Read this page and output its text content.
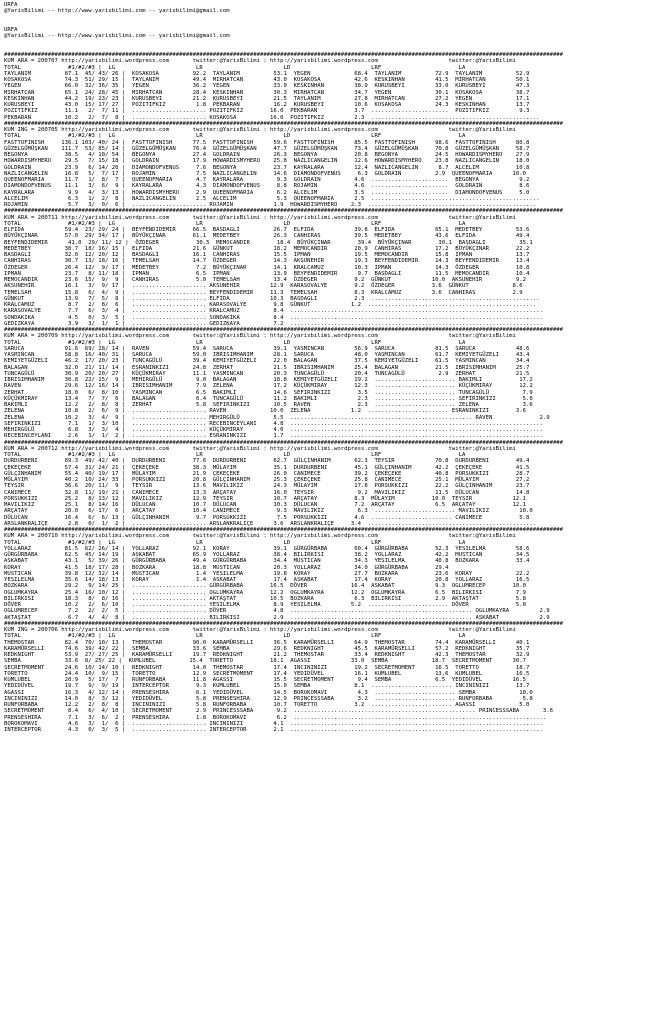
URFA
@YarisBilimi -- http://www.yarisbilimi.com -- yarisbilimi@gmail.com
URFA
@YarisBilimi -- http://www.yarisbilimi.com -- yarisbilimi@gmail.com
######################################################################################################################################################################
KUM ARA = 200707 http://yarisbilimi.wordpress.com       twitter:@YarisBilimi : http://yarisbilimi.wordpress.com                     twitter:@YarisBilimi
TOTAL              #1/#2/#3 |  LG                        LR                        LD                        LRF                       LA
TAYLANIM          87.1  45/ 43/ 26 |  KOSAKOSA          92.2  TAYLANIM          53.1  YEGEN             68.4  TAYLANIM          72.9  TAYLANIM          52.9
KOSAKOSA          74.3  51/ 29/ 15 |  TAYLANIM          49.4  MIRHATCAN         43.0  KOSAKOSA          42.6  KESKINHAN         41.5  MIRHATCAN         50.1
YEGEN             66.0  32/ 36/ 35 |  YEGEN             36.2  YEGEN             33.0  KESKINHAN         38.9  KURUSBEYI         33.0  KURUSBEYI         47.3
MIRHATCAN         65.1  24/ 28/ 45 |  MIRHATCAN         28.4  KESKINHAN         30.3  MIRHATCAN         34.7  YEGEN             30.1  KOSAKOSA          38.7
KESKINHAN         44.2  19/ 23/ 23 |  KURUSBEYI         21.2  KURUSBEYI         21.5  TAYLANIM          27.8  MIRHATCAN         27.2  YEGEN             17.1
KURUSBEYI         43.0  15/ 17/ 27 |  POZITIFKIZ         1.8  PEKBARAN          16.2  KURUSBEYI         10.6  KOSAKOSA          24.3  KESKINHAN         13.7
POZITIFKIZ        11.1   2/  7/ 11 |  ...................... POZITIFKIZ        16.0  PEKBARAN           3.7  .......................  POZITIFKIZ         9.3
PEKBARAN          10.2   2/  7/  8 |  ...................... KOSAKOSA          16.0  POZITIFKIZ         2.3  ..................................................
######################################################################################################################################################################
KUM ING = 200705 http://yarisbilimi.wordpress.com       twitter:@YarisBilimi : http://yarisbilimi.wordpress.com                     twitter:@YarisBilimi
TOTAL              #1/#2/#3 |  LG                        LR                        LD                        LRF                       LA
FASTTOFINISH     136.1 103/ 40/ 24 |  FASTTOFINISH      77.5  FASTTOFINISH      59.6  FASTTOFINISH      85.5  FASTTOFINISH      98.6  FASTTOFINISH      80.8
GÜZELGÜMÜŞKAN    111.7  53/ 85/ 14 |  GÜZELGÜMÜŞKAN     76.4  GÜZELGÜMÜŞKAN     47.7  GÜZELGÜMÜŞKAN     73.4  GÜZELGÜMÜŞKAN     70.8  GÜZELGÜMÜŞKAN     58.7
BEGONYA           38.5   4/ 10/ 54 |  BEGONYA           27.4  GOLDRAIN          26.3  BEGONYA           20.8  BEGONYA           24.5  HOWARDISMYHERO    27.9
HOWARDISMYHERO    29.5   7/ 15/ 18 |  GOLDRAIN          17.9  HOWARDISMYHERO    25.8  NAZLICANGELIN     12.6  HOWARDISMYHERO    23.8  NAZLICANGELIN     18.0
GOLDRAIN          23.9   6/ 14/ 20 |  DIAMONDOFVENUS     7.6  BEGONYA           23.7  KAYRALARA         12.4  NAZLICANGELIN      8.7  ALCELIM           10.8
NAZLICANGELIN     16.8   5/  7/ 17 |  ROJAMIN            7.5  NAZLICANGELIN     14.6  DIAMONDOFVENUS     6.3  GOLDRAIN          2.9  QUEENOFMARIA      10.0
QUEENOFMARIA      11.7   1/  8/  7 |  QUEENOFMARIA       4.7  KAYRALARA          9.3  GOLDRAIN          4.6  .......................  BEGONYA            9.2
DIAMONDOFVENUS    11.1   3/  6/  9 |  KAYRALARA          4.3  DIAMONDOFVENUS     8.8  ROJAMIN           4.6  .......................  GOLDRAIN           8.6
KAYRALARA          9.9   4/  3/ 13 |  HOWARDISMYHERO     2.9  QUEENOFMARIA       6.2  ALCELIM           3.5  .......................  DIAMONDOFVENUS     5.0
ALCELIM            6.3   1/  2/  8 |  NAZLICANGELIN      2.5  ALCELIM            5.3  QUEENOFMARIA      2.5  ..................................................
ROJAMIN            5.7   3/  0/  6 |  ...................... ROJAMIN            1.9  HOWARDISMYHERO    2.3  ..................................................
######################################################################################################################################################################
KUM ARA = 200711 http://yarisbilimi.wordpress.com       twitter:@YarisBilimi : http://yarisbilimi.wordpress.com                     twitter:@YarisBilimi
TOTAL              #1/#2/#3 |  LG                        LR                        LD                        LRF                       LA
ELFIDA            59.4  23/ 29/ 24 |  BEYFENDIDEMIR     66.5  BASDAGLI          26.7  ELFIDA            39.8  ELFIDA            65.1  MEDETBEY          53.6
BÜYÜKÇINAR        57.0  29/ 34/ 17 |  BÜYÜKÇINAR        61.1  MEDETBEY          26.3  CANHIRAS          39.5  MEDETBEY          43.6  ELFIDA            49.4
BEYFENDIDEMIR      41.0  29/ 11/ 12 |  ÖZDEGER           30.5  MEMOCANDIR        18.4  BÜYÜKÇINAR        39.4  BÜYÜKÇINAR        30.1  BASDAGLI          35.1
MEDETBEY          38.7  18/ 16/ 15 |  ELFIDA            21.6  GÜNKUT            18.2  MEMOCANDIR        20.9  CANHIRAS          17.2  BÜYÜKÇINAR        22.2
BASDAGLI          32.0  12/ 20/ 12 |  BASDAGLI          16.1  CANHIRAS          15.5  IPMAN             19.5  MEMOCANDIR        15.8  IPMAN             13.7
CANHIRAS          30.7  13/ 18/ 16 |  TEMELSAH          14.7  ÖZDEGER           14.3  AKSUNEHIR         19.3  BEYFENDIDEMIR     14.3  BEYFENDIDEMIR     13.4
ÖZDEGER           26.4  12/  9/ 17 |  MEDETBEY           7.2  BÜYÜKÇINAR        14.1  KRALCAMUZ         10.3  IPMAN             14.3  ÖZDEGER           10.8
IPMAN             23.7   8/ 11/ 18 |  IPMAN              6.5  IPMAN             13.9  BEYFENDIDEMIR      9.7  BASDAGLI          11.5  MEMOCANDIR        10.4
MEMOCANDIR        23.6  15/  9/  9 |  CANHIRAS           5.0  TEMELSAH          13.4  ÖZDEGER           9.2  GÜNKUT            10.0  AKSUNEHIR          9.2
AKSUNEHIR         16.1   3/  9/ 17 |  ...................... AKSUNEHIR         12.9  KARASOVALYE        9.2  ÖZDEGER           3.6  GÜNKUT             8.6
TEMELSAH          15.8   6/  4/  9 |  ...................... BEYFENDIDEMIR     11.3  TEMELSAH           8.3  KRALCAMUZ         3.6  CANHIRAS           2.9
GÜNKUT            13.9   7/  5/  8 |  ...................... ELFIDA            10.3  BASDAGLI           2.3  ..................................................
KRALCAMUZ          8.7   2/  8/  6 |  ...................... KARASOVALYE        9.8  GÜNKUT            1.2  ..................................................
KARASOVALYE        7.7   6/  3/  4 |  ...................... KRALCAMUZ          8.4  ...........................................................................
SONDAKIKA          4.5   0/  3/  5 |  ...................... SONDAKIKA          8.4  ...........................................................................
GEDIZKAYA          3.9   3/  1/  1 |  ...................... GEDIZKAYA          7.2  ...........................................................................
######################################################################################################################################################################
KUM ARA = 200709 http://yarisbilimi.wordpress.com       twitter:@YarisBilimi : http://yarisbilimi.wordpress.com                     twitter:@YarisBilimi
TOTAL              #1/#2/#3 |  LG                        LR                        LD                        LRF                       LA
SARUCA            91.6  69/ 28/ 14 |  RAVEN             59.4  SARUCA            39.1  YASMINCAN         56.9  SARUCA            81.5  SARUCA            48.6
YASMINCAN         58.8  16/ 40/ 31 |  SARUCA            59.0  IBRISIMHANIM      28.1  SARUCA            48.0  YASMINCAN         61.7  KEMIYETGÜZELI     43.4
KEMIYETGÜZELI     46.2  17/ 20/ 23 |  TUNCAGÜLÜ         39.4  KEMIYETGÜZELI     22.0  BALAGAN           37.5  KEMIYETGÜZELI     61.5  YASMINCAN         34.4
BALAGAN           32.0  21/ 11/ 14 |  ESRANINKIZI       24.8  ZERHAT            21.5  IBRISIMHANIM      25.4  BALAGAN           21.5  IBRISIMHANIM      25.7
TUNCAGÜLÜ         30.9  20/ 20/ 27 |  KÜÇÜKMIRAY        11.1  YASMINCAN         20.3  TUNCAGÜLÜ         20.4  TUNCAGÜLÜ          2.9  ZERHAT            21.5
IBRISIMHANIM      30.8  22/ 15/  9 |  MEHIRGÜLÜ          9.0  BALAGAN           18.8  KEMIYETGÜZELI     19.2  ........................ BAKIMLI           17.2
RAVEN             29.6  12/ 16/ 14 |  IBRISIMHANIM       7.9  ZELENA            17.2  KÜÇÜKMIRAY        12.3  ........................ KÜÇÜKMIRAY        12.2
ZERHAT            18.0   6/  8/ 10 |  YASMINCAN          6.5  BAKIMLI           14.6  SEFIRINKIZI        3.5  ........................ TUNCAGÜLÜ          7.9
KÜÇÜKMIRAY        13.4   7/  7/  6 |  BALAGAN            6.4  TUNCAGÜLÜ         11.2  BAKIMLI            2.3  ........................ SEFIRINKIZI        5.0
BAKIMLI           12.2   2/  8/  8 |  ZERHAT             5.8  SEFIRINKIZI       10.5  RAVEN              2.3  ........................ ZELENA             3.6
ZELENA            10.8   2/  6/  9 |  ...................... RAVEN             10.0  ZELENA            1.2  ........................ ESRANINKIZI        3.6
ZELENA            10.2   3/  4/  9 |  ...................... MEHIRGÜLÜ          5.5  ...................................................... RAVEN              2.9
SEFIRINKIZI        7.1   1/  3/ 10 |  ...................... RECEBINCEYLANI     4.8  ...........................................................................
MEHIRGÜLÜ          6.8   3/  3/  4 |  ...................... KÜÇÜKMIRAY         4.0  ...........................................................................
RECEBINCEYLANI     2.6   1/  1/  2 |  ...................... ESRANINKIZI        1.7  ...........................................................................
######################################################################################################################################################################
KUM ARA = 200712 http://yarisbilimi.wordpress.com       twitter:@YarisBilimi : http://yarisbilimi.wordpress.com                     twitter:@YarisBilimi
TOTAL              #1/#2/#3 |  LG                        LR                        LD                        LRF                       LA
DURDURBENI        89.3  49/ 42/ 40 |  DURDURBENI        77.6  DURDURBENI        62.7  GÜLÇINHANIM       62.3  TEYSIR            70.8  DURDURBENI        49.4
ÇEKEÇEKE          57.4  31/ 24/ 21 |  ÇEKEÇEKE          38.3  MÜLAYIM           35.1  DURDURBENI        45.1  GÜLÇINHANIM       42.2  ÇEKEÇEKE          41.5
GÜLÇINHANIM       55.4  40/ 19/ 17 |  MÜLAYIM           21.9  ÇEKEÇEKE          26.0  CANIMECE          39.2  ÇEKEÇEKE          40.8  PORSUKKIZI        28.7
MÜLAYIM           40.2  10/ 24/ 33 |  PORSUKKIZI        20.8  GÜLÇINHANIM       25.3  ÇEKEÇEKE          25.8  CANIMECE          25.1  MÜLAYIM           27.2
TEYSIR            36.6  20/ 11/  9 |  TEYSIR            13.6  MAVILIKIZ         24.3  MÜLAYIM           17.8  PORSUKKIZI        22.2  GÜLÇINHANIM       23.7
CANIMECE          32.8  11/ 19/ 21 |  CANIMECE          13.3  ARÇATAY           16.0  TEYSIR             9.2  MAVILIKIZ         11.5  DÜLUCAN           14.8
PORSUKKIZI        25.2   8/ 13/ 12 |  MAVILIKIZ         12.9  TEYSIR            10.7  ARÇATAY           8.3  MÜLAYIM           10.0  TEYSIR            12.1
MAVILIKIZ         25.1   8/ 14/ 16 |  DÜLUCAN           10.7  DÜLUCAN           10.3  DÜLUCAN           7.2  ARÇATAY            6.5  ARÇATAY           12.1
ARÇATAY           20.0   6/ 17/  6 |  ARÇATAY           10.4  CANIMECE           9.3  MAVILIKIZ          6.3  ........................ MAVILIKIZ         10.0
DÜLUCAN           16.4   6/  6/ 13 |  GÜLÇINHANIM        9.7  PORSUKKIZI         7.5  PORSUKKIZI        4.6  ........................ CANIMECE           5.8
ARSLANKRALIÇE      2.8   0/  1/  2 |  ...................... ARSLANKRALIÇE      3.6  ARSLANKRALIÇE     3.4  ..................................................
######################################################################################################################################################################
KUM ARA = 200710 http://yarisbilimi.wordpress.com       twitter:@YarisBilimi : http://yarisbilimi.wordpress.com                     twitter:@YarisBilimi
TOTAL              #1/#2/#3 |  LG                        LR                        LD                        LRF                       LA
YOLLARAZ          81.5  62/ 26/ 14 |  YOLLARAZ          92.1  KORAY             39.1  GÜRGÜRBABA        60.4  GÜRGÜRBABA        52.3  YESILELMA         58.6
GÜRGÜRBABA        62.5  45/ 14/ 19 |  ASKABAT           65.9  YOLLARAZ          38.4  BILIRKISI         38.2  YOLLARAZ          42.2  MUSTICAN          34.5
ASKABAT           43.1   5/ 39/ 26 |  GÜRGÜRBABA        49.4  GÜRGÜRBABA        34.4  MUSTICAN          34.3  YESILELMA         40.8  BOZKARA           33.4
KORAY             41.5  18/ 17/ 28 |  BOZKARA           18.8  MUSTICAN          20.3  YOLLARAZ          34.0  GÜRGÜRBABA        29.4
MUSTICAN          39.8  12/ 32/ 14 |  MUSTICAN           1.4  YESILELMA         19.8  KORAY             27.7  BOZKARA           23.6  KORAY             22.2
YESILELMA         35.6  14/ 18/ 13 |  KORAY              1.4  ASKABAT           17.4  ASKABAT           17.4  KORAY             20.8  YOLLARAZ          16.5
BOZKARA           29.2   9/ 14/ 25 |  ...................... GÜRGÜRBABA        16.5  DÖVER             16.4  ASKABAT            9.3  OGLUMRECEP        10.0
OGLUMKAYRA        25.4  16/ 10/ 12 |  ...................... OGLUMKAYRA        12.2  OGLUMKAYRA        12.2  OGLUMKAYRA         6.5  BILIRKISI          7.9
BILIRKISI         18.3   8/  8/ 16 |  ...................... AKTAŞTAT          10.5  BOZKARA            6.3  BILIRKISI          2.9  AKTAŞTAT           5.8
DÖVER             10.2   2/  6/ 10 |  ...................... YESILELMA          8.9  YESILELMA         5.2  ........................ DÖVER              5.0
OGLUMRECEP         7.2   2/  2/  5 |  ...................... DÖVER              4.8  ...................................................... OGLUMKAYRA         2.9
AKTAŞTAT           6.7   4/  4/  8 |  ...................... BILIRKISI          2.9  ...................................................... ASKABAT            2.9
######################################################################################################################################################################
KUM ING = 200706 http://yarisbilimi.wordpress.com       twitter:@YarisBilimi : http://yarisbilimi.wordpress.com                     twitter:@YarisBilimi
TOTAL              #1/#2/#3 |  LG                        LR                        LD                        LRF                       LA
THEMOSTAR         82.4  70/ 10/ 13 |  THEMOSTAR         90.0  KARAMÜRSELLI      36.5  KARAMÜRSELLI      64.9  THEMOSTAR         74.4  KARAMÜRSELLI      40.1
KARAMÜRSELLI      74.6  39/ 42/ 22 |  SEMBA             33.6  SEMBA             29.6  REDKNIGHT         45.5  KARAMÜRSELLI      57.2  REDKNIGHT         35.7
REDKNIGHT         53.9  27/ 27/ 25 |  KARAMÜRSELLI      19.7  REDKNIGHT         21.2  THEMOSTAR         33.4  REDKNIGHT         42.3  THEMOSTAR         32.9
SEMBA             33.6  8/ 25/ 22 |  KUMLUBEL          15.4  TORETTO           18.1  AGASSI            33.0  SEMBA             18.7  SECRETMOMENT      30.7
SECRETMOMENT      24.6  10/ 14/ 10 |  REDKNIGHT         14.0  THEMOSTAR         17.4  INCININIZI        19.2  SECRETMOMENT      16.5  TORETTO           18.7
TORETTO           24.4  10/  9/ 15 |  TORETTO           12.9  SECRETMOMENT      17.4  YEDIDÜVEL         16.1  KUMLUBEL          13.6  KUMLUBEL          16.5
KUMLUBEL          20.9   5/ 17/  7 |  RUNFORBABA        11.8  AGASSI            15.5  SECRETMOMENT       9.4  SEMBA             6.5  YEDIDÜVEL         16.5
YEDIDÜVEL         19.7   9/  9/ 19 |  INTERCEPTOR        9.3  KUMLUBEL          15.0  SEMBA             8.1  ........................ INCININIZI        13.7
AGASSI            16.3   4/ 12/ 14 |  PRENSESHIRA        6.1  YEDIDÜVEL         14.5  BOROKOMAVI         4.3  ........................ SEMBA             10.0
INCININIZI        14.0   8/  3/ 12 |  YEDIDÜVEL          5.8  PRENSESHIRA       12.9  PRINCESSSABA       3.2  ........................ RUNFORBABA         5.8
RUNFORBABA        12.2   2/  8/  8 |  INCININIZI         5.8  RUNFORBABA        10.7  TORETTO           3.2  ........................ AGASSI             5.0
SECRETMOMENT       8.4   6/  4/ 10 |  SECRETMOMENT       2.9  PRINCESSSABA       9.2  ...................................................... PRINCESSSABA       3.6
PRENSESHIRA        7.1   3/  6/  2 |  PRENSESHIRA        1.8  BOROKOMAVI         6.2  ...........................................................................
BOROKOMAVI         4.6   3/  1/  6 |  ...................... INCININIZI         4.1  ...........................................................................
INTERCEPTOR        4.3   0/  3/  5 |  ...................... INTERCEPTOR        2.1  ...........................................................................
